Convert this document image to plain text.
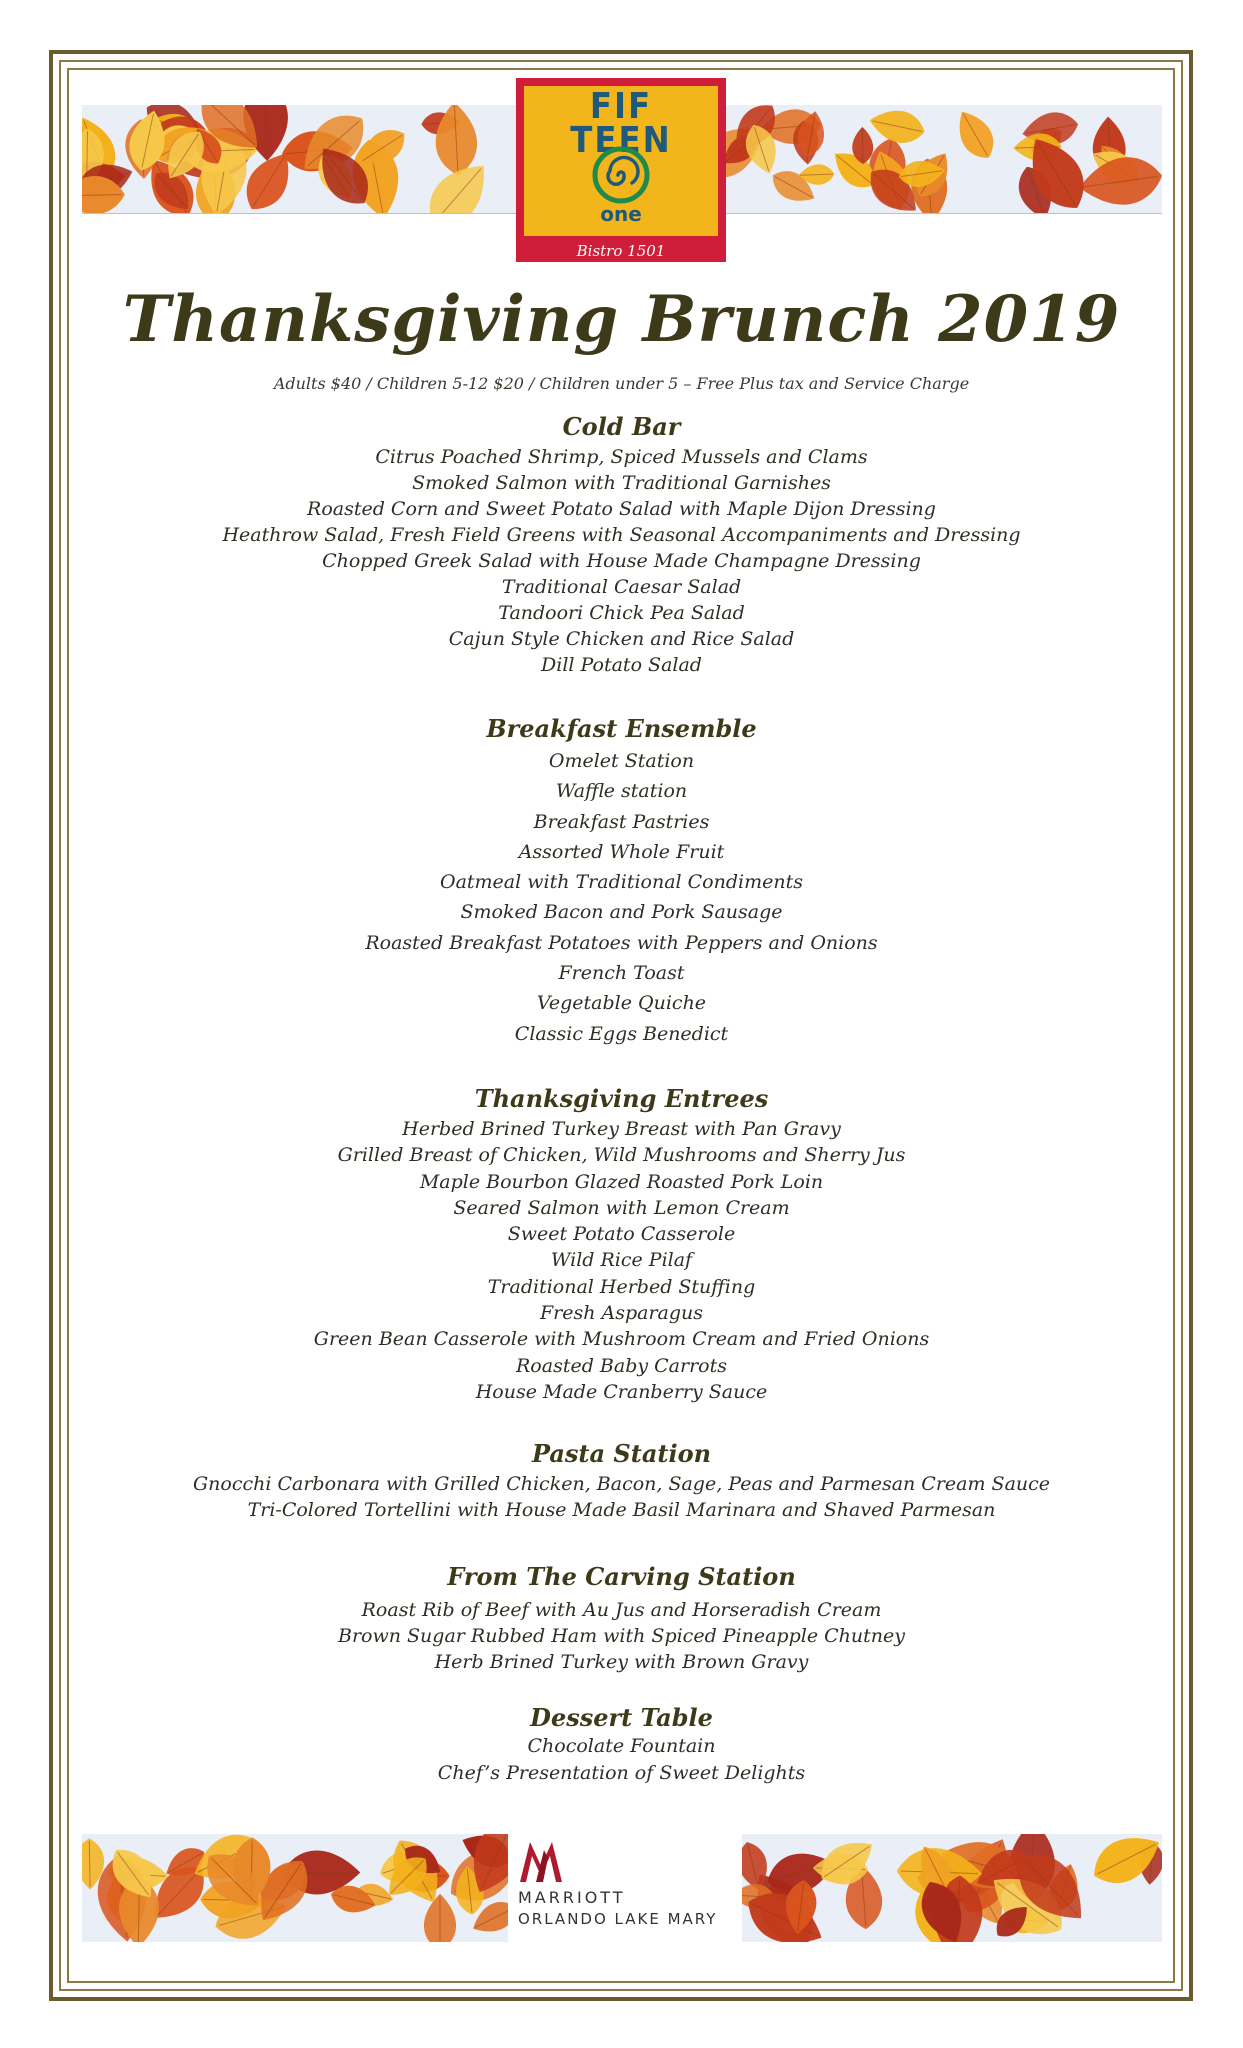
FIF
TEEN
one
Bistro 1501
Thanksgiving Brunch 2019
Adults $40 / Children 5-12 $20 / Children under 5 – Free Plus tax and Service Charge
Cold Bar
Citrus Poached Shrimp, Spiced Mussels and Clams
Smoked Salmon with Traditional Garnishes
Roasted Corn and Sweet Potato Salad with Maple Dijon Dressing
Heathrow Salad, Fresh Field Greens with Seasonal Accompaniments and Dressing
Chopped Greek Salad with House Made Champagne Dressing
Traditional Caesar Salad
Tandoori Chick Pea Salad
Cajun Style Chicken and Rice Salad
Dill Potato Salad
Breakfast Ensemble
Omelet Station
Waffle station
Breakfast Pastries
Assorted Whole Fruit
Oatmeal with Traditional Condiments
Smoked Bacon and Pork Sausage
Roasted Breakfast Potatoes with Peppers and Onions
French Toast
Vegetable Quiche
Classic Eggs Benedict
Thanksgiving Entrees
Herbed Brined Turkey Breast with Pan Gravy
Grilled Breast of Chicken, Wild Mushrooms and Sherry Jus
Maple Bourbon Glazed Roasted Pork Loin
Seared Salmon with Lemon Cream
Sweet Potato Casserole
Wild Rice Pilaf
Traditional Herbed Stuffing
Fresh Asparagus
Green Bean Casserole with Mushroom Cream and Fried Onions
Roasted Baby Carrots
House Made Cranberry Sauce
Pasta Station
Gnocchi Carbonara with Grilled Chicken, Bacon, Sage, Peas and Parmesan Cream Sauce
Tri-Colored Tortellini with House Made Basil Marinara and Shaved Parmesan
From The Carving Station
Roast Rib of Beef with Au Jus and Horseradish Cream
Brown Sugar Rubbed Ham with Spiced Pineapple Chutney
Herb Brined Turkey with Brown Gravy
Dessert Table
Chocolate Fountain
Chef’s Presentation of Sweet Delights
MARRIOTT
ORLANDO LAKE MARY
